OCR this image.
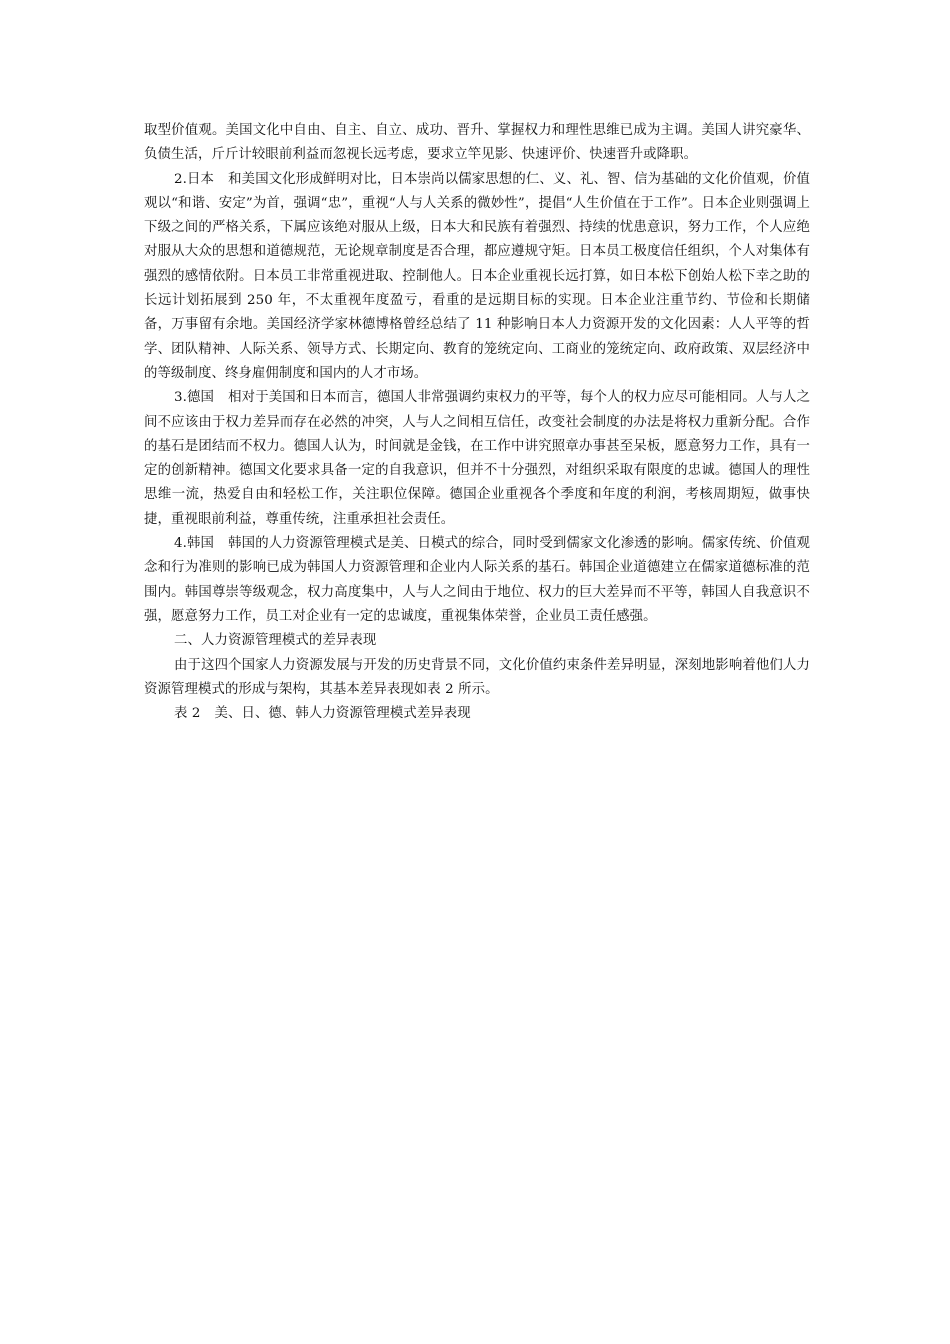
取型价值观。美国文化中自由、自主、自立、成功、晋升、掌握权力和理性思维已成为主调。美国人讲究豪华、负债生活，斤斤计较眼前利益而忽视长远考虑，要求立竿见影、快速评价、快速晋升或降职。

2.日本 和美国文化形成鲜明对比，日本崇尚以儒家思想的仁、义、礼、智、信为基础的文化价值观，价值观以“和谐、安定”为首，强调“忠”，重视“人与人关系的微妙性”，提倡“人生价值在于工作”。日本企业则强调上下级之间的严格关系，下属应该绝对服从上级，日本大和民族有着强烈、持续的忧患意识，努力工作，个人应绝对服从大众的思想和道德规范，无论规章制度是否合理，都应遵规守矩。日本员工极度信任组织，个人对集体有强烈的感情依附。日本员工非常重视进取、控制他人。日本企业重视长远打算，如日本松下创始人松下幸之助的长远计划拓展到 250 年，不太重视年度盈亏，看重的是远期目标的实现。日本企业注重节约、节俭和长期储备，万事留有余地。美国经济学家林德博格曾经总结了 11 种影响日本人力资源开发的文化因素：人人平等的哲学、团队精神、人际关系、领导方式、长期定向、教育的笼统定向、工商业的笼统定向、政府政策、双层经济中的等级制度、终身雇佣制度和国内的人才市场。

3.德国 相对于美国和日本而言，德国人非常强调约束权力的平等，每个人的权力应尽可能相同。人与人之间不应该由于权力差异而存在必然的冲突，人与人之间相互信任，改变社会制度的办法是将权力重新分配。合作的基石是团结而不权力。德国人认为，时间就是金钱，在工作中讲究照章办事甚至呆板，愿意努力工作，具有一定的创新精神。德国文化要求具备一定的自我意识，但并不十分强烈，对组织采取有限度的忠诚。德国人的理性思维一流，热爱自由和轻松工作，关注职位保障。德国企业重视各个季度和年度的利润，考核周期短，做事快捷，重视眼前利益，尊重传统，注重承担社会责任。

4.韩国 韩国的人力资源管理模式是美、日模式的综合，同时受到儒家文化渗透的影响。儒家传统、价值观念和行为准则的影响已成为韩国人力资源管理和企业内人际关系的基石。韩国企业道德建立在儒家道德标准的范围内。韩国尊崇等级观念，权力高度集中，人与人之间由于地位、权力的巨大差异而不平等，韩国人自我意识不强，愿意努力工作，员工对企业有一定的忠诚度，重视集体荣誉，企业员工责任感强。

二、人力资源管理模式的差异表现

由于这四个国家人力资源发展与开发的历史背景不同，文化价值约束条件差异明显，深刻地影响着他们人力资源管理模式的形成与架构，其基本差异表现如表 2 所示。

表 2 美、日、德、韩人力资源管理模式差异表现
